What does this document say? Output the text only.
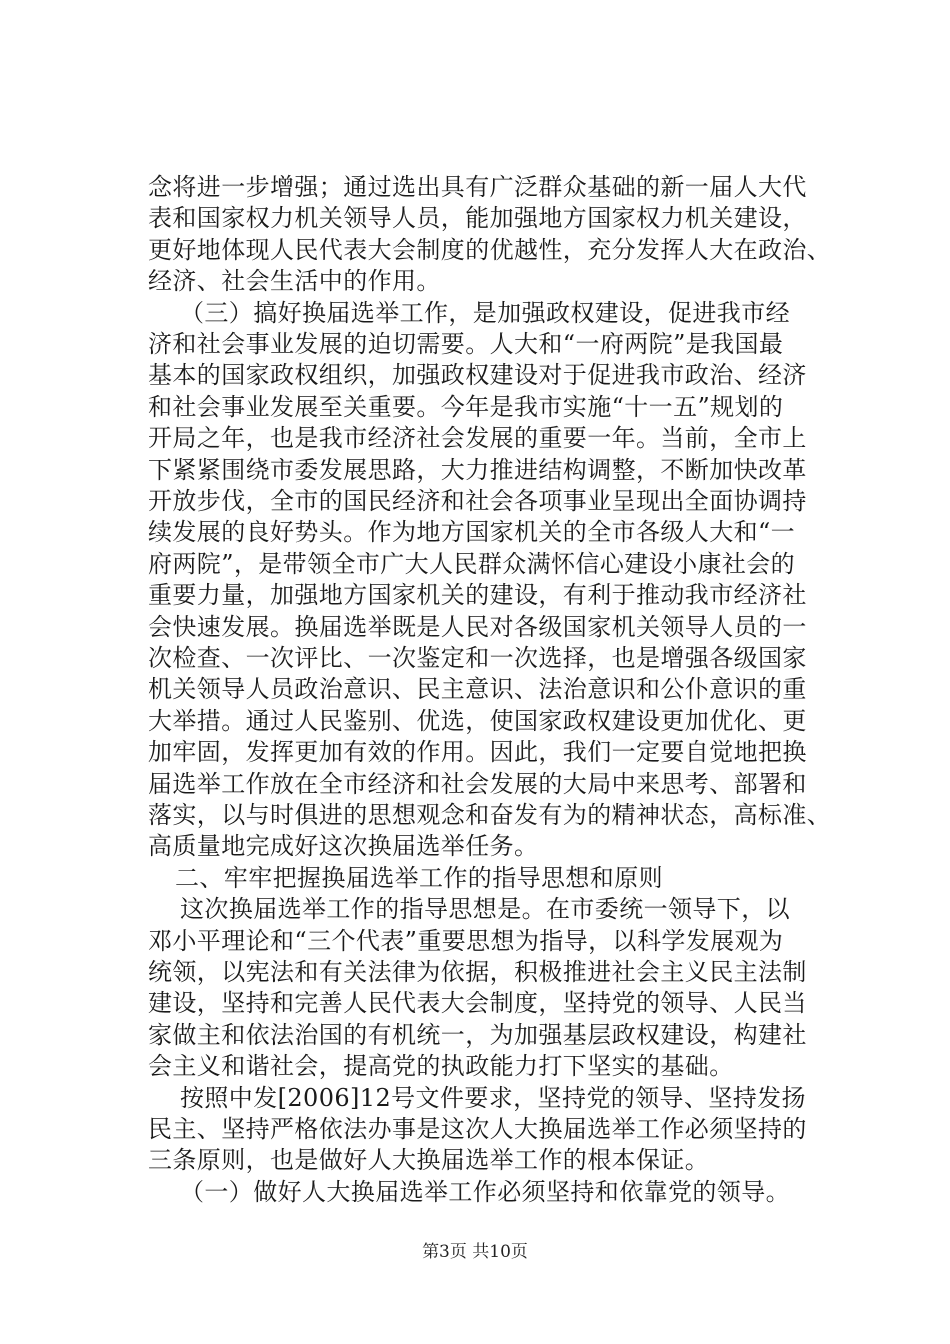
念将进一步增强；通过选出具有广泛群众基础的新一届人大代
表和国家权力机关领导人员，能加强地方国家权力机关建设，
更好地体现人民代表大会制度的优越性，充分发挥人大在政治、
经济、社会生活中的作用。
（三）搞好换届选举工作，是加强政权建设，促进我市经
济和社会事业发展的迫切需要。人大和“一府两院”是我国最
基本的国家政权组织，加强政权建设对于促进我市政治、经济
和社会事业发展至关重要。今年是我市实施“十一五”规划的
开局之年，也是我市经济社会发展的重要一年。当前，全市上
下紧紧围绕市委发展思路，大力推进结构调整，不断加快改革
开放步伐，全市的国民经济和社会各项事业呈现出全面协调持
续发展的良好势头。作为地方国家机关的全市各级人大和“一
府两院”，是带领全市广大人民群众满怀信心建设小康社会的
重要力量，加强地方国家机关的建设，有利于推动我市经济社
会快速发展。换届选举既是人民对各级国家机关领导人员的一
次检查、一次评比、一次鉴定和一次选择，也是增强各级国家
机关领导人员政治意识、民主意识、法治意识和公仆意识的重
大举措。通过人民鉴别、优选，使国家政权建设更加优化、更
加牢固，发挥更加有效的作用。因此，我们一定要自觉地把换
届选举工作放在全市经济和社会发展的大局中来思考、部署和
落实，以与时俱进的思想观念和奋发有为的精神状态，高标准、
高质量地完成好这次换届选举任务。
二、牢牢把握换届选举工作的指导思想和原则
这次换届选举工作的指导思想是。在市委统一领导下，以
邓小平理论和“三个代表”重要思想为指导，以科学发展观为
统领，以宪法和有关法律为依据，积极推进社会主义民主法制
建设，坚持和完善人民代表大会制度，坚持党的领导、人民当
家做主和依法治国的有机统一，为加强基层政权建设，构建社
会主义和谐社会，提高党的执政能力打下坚实的基础。
按照中发[2006]12号文件要求，坚持党的领导、坚持发扬
民主、坚持严格依法办事是这次人大换届选举工作必须坚持的
三条原则，也是做好人大换届选举工作的根本保证。
（一）做好人大换届选举工作必须坚持和依靠党的领导。
第3页 共10页
